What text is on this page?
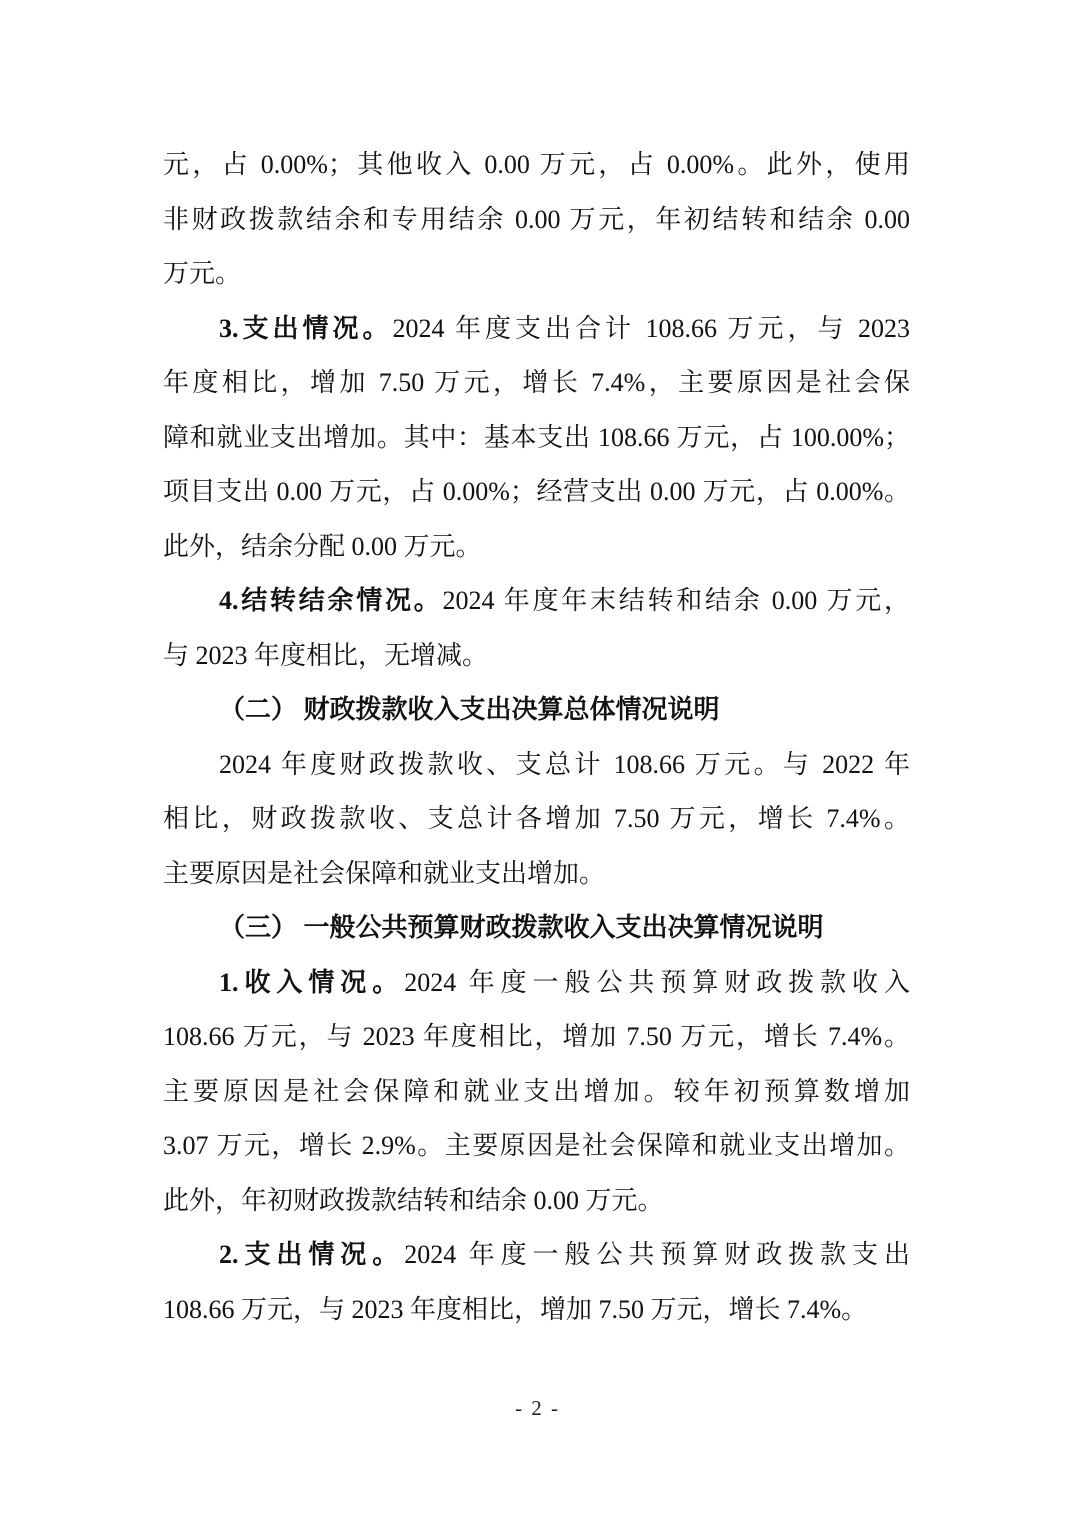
元，占 0.00%；其他收入 0.00 万元，占 0.00%。此外，使用
非财政拨款结余和专用结余 0.00 万元，年初结转和结余 0.00
万元。
3.支出情况。2024 年度支出合计 108.66 万元，与 2023
年度相比，增加 7.50 万元，增长 7.4%，主要原因是社会保
障和就业支出增加。其中：基本支出 108.66 万元，占 100.00%；
项目支出 0.00 万元，占 0.00%；经营支出 0.00 万元，占 0.00%。
此外，结余分配 0.00 万元。
4.结转结余情况。2024 年度年末结转和结余 0.00 万元，
与 2023 年度相比，无增减。
（二） 财政拨款收入支出决算总体情况说明
2024 年度财政拨款收、支总计 108.66 万元。与 2022 年
相比，财政拨款收、支总计各增加 7.50 万元，增长 7.4%。
主要原因是社会保障和就业支出增加。
（三） 一般公共预算财政拨款收入支出决算情况说明
1.收入情况。2024 年度一般公共预算财政拨款收入
108.66 万元，与 2023 年度相比，增加 7.50 万元，增长 7.4%。
主要原因是社会保障和就业支出增加。较年初预算数增加
3.07 万元，增长 2.9%。主要原因是社会保障和就业支出增加。
此外，年初财政拨款结转和结余 0.00 万元。
2.支出情况。2024 年度一般公共预算财政拨款支出
108.66 万元，与 2023 年度相比，增加 7.50 万元，增长 7.4%。
- 2 -
